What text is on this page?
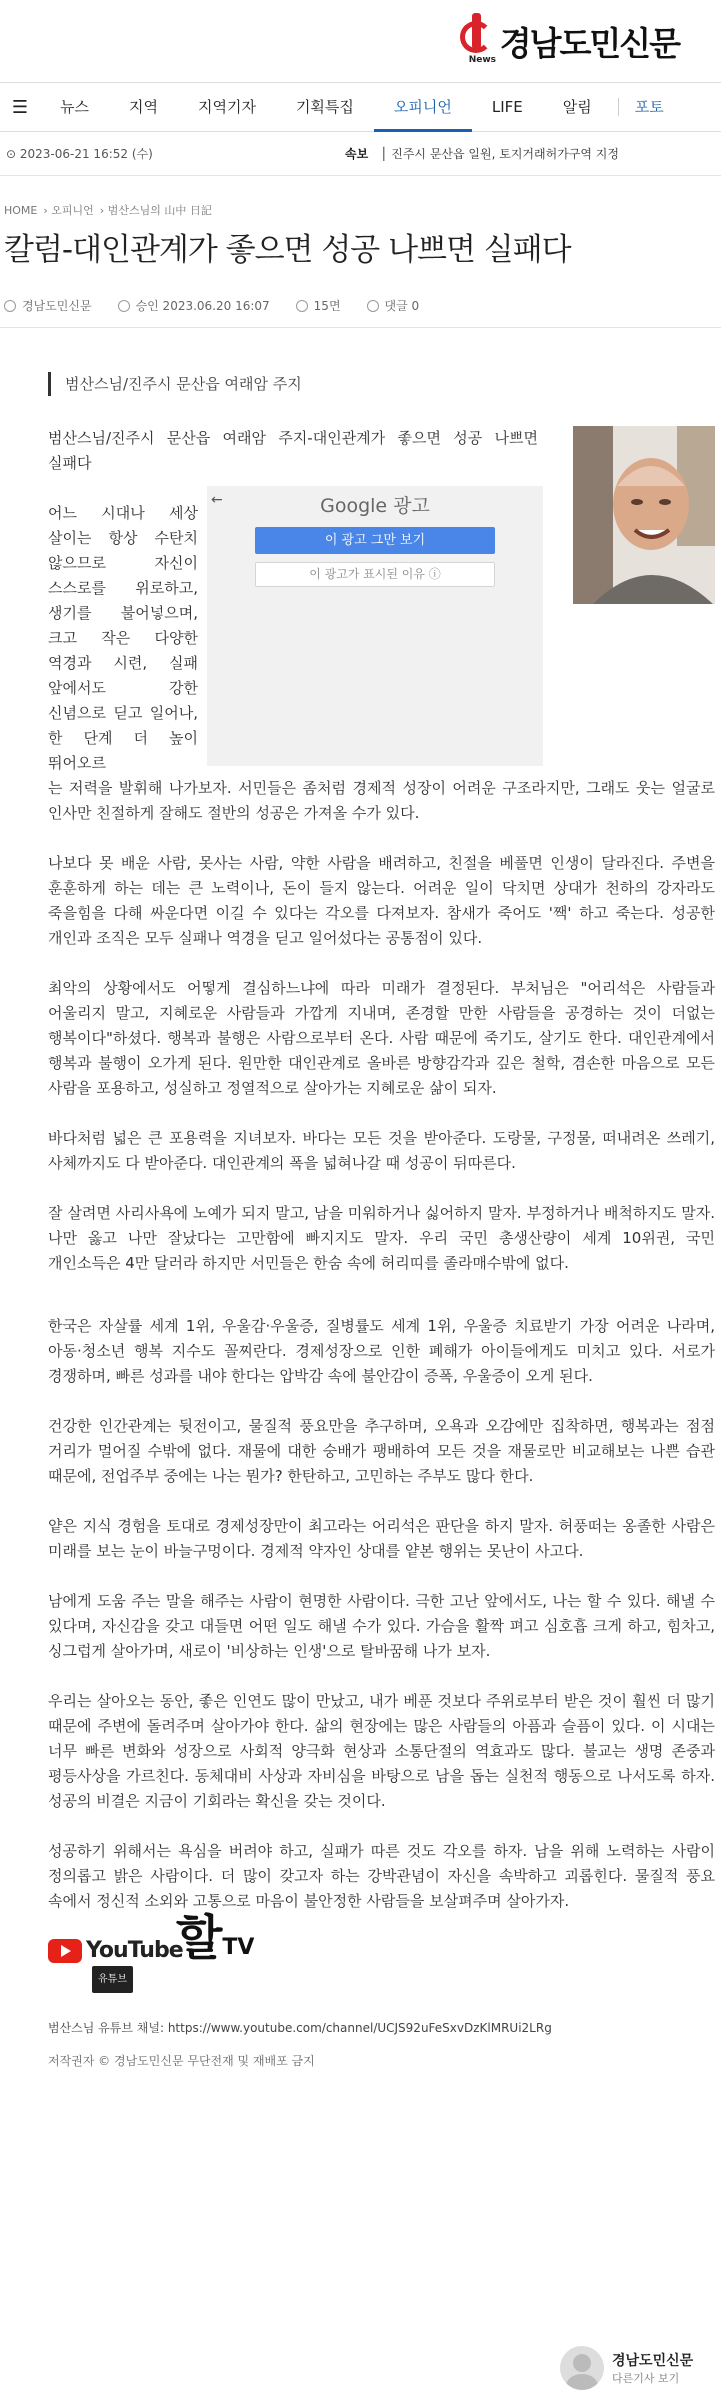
News 경남도민신문
☰	뉴스	지역	지역기자	기획특집	오피니언	LIFE	알림	포토
⊙ 2023-06-21 16:52 (수)	속보 │ 진주시 문산읍 일원, 토지거래허가구역 지정
HOME › 오피니언 › 범산스님의 山中 日記
칼럼-대인관계가 좋으면 성공 나쁘면 실패다
경남도민신문	승인 2023.06.20 16:07	15면	댓글 0
범산스님/진주시 문산읍 여래암 주지

범산스님/진주시 문산읍 여래암 주지-대인관계가 좋으면 성공 나쁘면 실패다

←	Google 광고
이 광고 그만 보기
이 광고가 표시된 이유 ⓘ

어느 시대나 세상 살이는 항상 수탄치 않으므로 자신이 스스로를 위로하고, 생기를 불어넣으며, 크고 작은 다양한 역경과 시련, 실패 앞에서도 강한 신념으로 딛고 일어나, 한 단계 더 높이 뛰어오르

는 저력을 발휘해 나가보자. 서민들은 좀처럼 경제적 성장이 어려운 구조라지만, 그래도 웃는 얼굴로 인사만 친절하게 잘해도 절반의 성공은 가져올 수가 있다.

나보다 못 배운 사람, 못사는 사람, 약한 사람을 배려하고, 친절을 베풀면 인생이 달라진다. 주변을 훈훈하게 하는 데는 큰 노력이나, 돈이 들지 않는다. 어려운 일이 닥치면 상대가 천하의 강자라도 죽을힘을 다해 싸운다면 이길 수 있다는 각오를 다져보자. 참새가 죽어도 '짹' 하고 죽는다. 성공한 개인과 조직은 모두 실패나 역경을 딛고 일어섰다는 공통점이 있다.

최악의 상황에서도 어떻게 결심하느냐에 따라 미래가 결정된다. 부처님은 "어리석은 사람들과 어울리지 말고, 지혜로운 사람들과 가깝게 지내며, 존경할 만한 사람들을 공경하는 것이 더없는 행복이다"하셨다. 행복과 불행은 사람으로부터 온다. 사람 때문에 죽기도, 살기도 한다. 대인관계에서 행복과 불행이 오가게 된다. 원만한 대인관계로 올바른 방향감각과 깊은 철학, 겸손한 마음으로 모든 사람을 포용하고, 성실하고 정열적으로 살아가는 지혜로운 삶이 되자.

바다처럼 넓은 큰 포용력을 지녀보자. 바다는 모든 것을 받아준다. 도랑물, 구정물, 떠내려온 쓰레기, 사체까지도 다 받아준다. 대인관계의 폭을 넓혀나갈 때 성공이 뒤따른다.

잘 살려면 사리사욕에 노예가 되지 말고, 남을 미워하거나 싫어하지 말자. 부정하거나 배척하지도 말자. 나만 옳고 나만 잘났다는 고만함에 빠지지도 말자. 우리 국민 총생산량이 세계 10위권, 국민 개인소득은 4만 달러라 하지만 서민들은 한숨 속에 허리띠를 졸라매수밖에 없다.

한국은 자살률 세계 1위, 우울감·우울증, 질병률도 세계 1위, 우울증 치료받기 가장 어려운 나라며, 아동·청소년 행복 지수도 꼴찌란다. 경제성장으로 인한 폐해가 아이들에게도 미치고 있다. 서로가 경쟁하며, 빠른 성과를 내야 한다는 압박감 속에 불안감이 증폭, 우울증이 오게 된다.

건강한 인간관계는 뒷전이고, 물질적 풍요만을 추구하며, 오욕과 오감에만 집착하면, 행복과는 점점 거리가 멀어질 수밖에 없다. 재물에 대한 숭배가 팽배하여 모든 것을 재물로만 비교해보는 나쁜 습관 때문에, 전업주부 중에는 나는 뭔가? 한탄하고, 고민하는 주부도 많다 한다.

얕은 지식 경험을 토대로 경제성장만이 최고라는 어리석은 판단을 하지 말자. 허풍떠는 옹졸한 사람은 미래를 보는 눈이 바늘구멍이다. 경제적 약자인 상대를 얕본 행위는 못난이 사고다.

남에게 도움 주는 말을 해주는 사람이 현명한 사람이다. 극한 고난 앞에서도, 나는 할 수 있다. 해낼 수 있다며, 자신감을 갖고 대들면 어떤 일도 해낼 수가 있다. 가슴을 활짝 펴고 심호흡 크게 하고, 힘차고, 싱그럽게 살아가며, 새로이 '비상하는 인생'으로 탈바꿈해 나가 보자.

우리는 살아오는 동안, 좋은 인연도 많이 만났고, 내가 베푼 것보다 주위로부터 받은 것이 훨씬 더 많기 때문에 주변에 돌려주며 살아가야 한다. 삶의 현장에는 많은 사람들의 아픔과 슬픔이 있다. 이 시대는 너무 빠른 변화와 성장으로 사회적 양극화 현상과 소통단절의 역효과도 많다. 불교는 생명 존중과 평등사상을 가르친다. 동체대비 사상과 자비심을 바탕으로 남을 돕는 실천적 행동으로 나서도록 하자. 성공의 비결은 지금이 기회라는 확신을 갖는 것이다.

성공하기 위해서는 욕심을 버려야 하고, 실패가 따른 것도 각오를 하자. 남을 위해 노력하는 사람이 정의롭고 밝은 사람이다. 더 많이 갖고자 하는 강박관념이 자신을 속박하고 괴롭힌다. 물질적 풍요 속에서 정신적 소외와 고통으로 마음이 불안정한 사람들을 보살펴주며 살아가자.

YouTube
유튜브
할TV
범산스님 유튜브 채널: https://www.youtube.com/channel/UCJS92uFeSxvDzKlMRUi2LRg
저작권자 © 경남도민신문 무단전재 및 재배포 금지
경남도민신문
다른기사 보기
